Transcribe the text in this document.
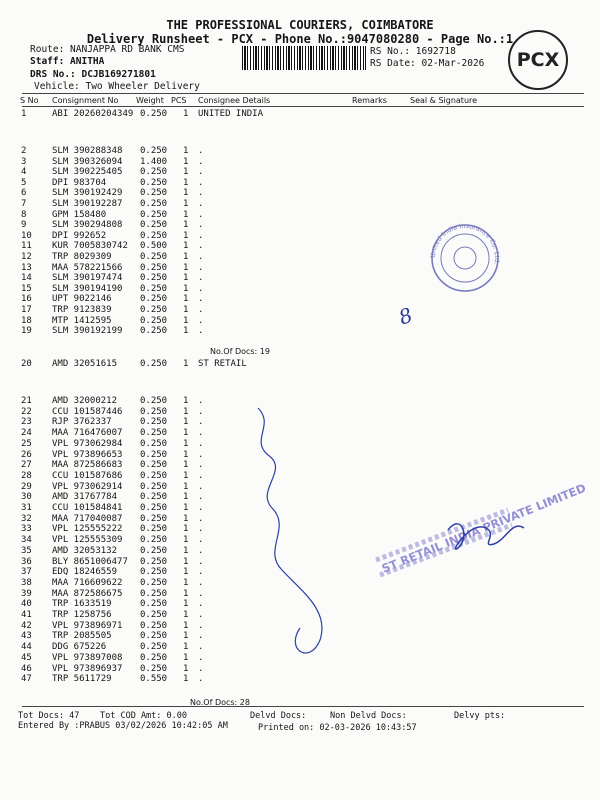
THE PROFESSIONAL COURIERS, COIMBATORE
Delivery Runsheet - PCX - Phone No.:9047080280 - Page No.:1
Route: NANJAPPA RD BANK CMS
Staff: ANITHA
DRS No.: DCJB169271801
Vehicle: Two Wheeler Delivery
RS No.: 1692718
RS Date: 02-Mar-2026	PCX
S No Consignment No Weight PCS Consignee Details	Remarks	Seal & Signature
1	ABI 20260204349 0.250 1 UNITED INDIA
2	SLM 390288348 0.250 1 .
3	SLM 390326094 1.400 1 .
4	SLM 390225405 0.250 1 .
5	DPI 983704	0.250 1 .
6	SLM 390192429 0.250 1 .
7	SLM 390192287 0.250 1 .
8	GPM 158480	0.250 1 .
9	SLM 390294808 0.250 1 .
10	DPI 992652	0.250 1 .
11	KUR 7005830742 0.500 1 .
12	TRP 8029309	0.250 1 .
13	MAA 578221566 0.250 1 .
14	SLM 390197474 0.250 1 .
15	SLM 390194190 0.250 1 .
16	UPT 9022146	0.250 1 .
17	TRP 9123839	0.250 1 .
18	MTP 1412595	0.250 1 .
19	SLM 390192199 0.250 1 .
20	AMD 32051615	0.250 1 ST RETAIL
21	AMD 32000212	0.250 1 .
22	CCU 101587446 0.250 1 .
23	RJP 3762337	0.250 1 .
24	MAA 716476007 0.250 1 .
25	VPL 973062984 0.250 1 .
26	VPL 973896653 0.250 1 .
27	MAA 872586683 0.250 1 .
28	CCU 101587686 0.250 1 .
29	VPL 973062914 0.250 1 .
30	AMD 31767784	0.250 1 .
31	CCU 101584841 0.250 1 .
32	MAA 717040087 0.250 1 .
33	VPL 125555222 0.250 1 .
34	VPL 125555309 0.250 1 .
35	AMD 32053132	0.250 1 .
36	BLY 8651006477 0.250 1 .
37	EDQ 18246559	0.250 1 .
38	MAA 716609622 0.250 1 .
39	MAA 872586675 0.250 1 .
40	TRP 1633519	0.250 1 .
41	TRP 1258756	0.250 1 .
42	VPL 973896971 0.250 1 .
43	TRP 2085505	0.250 1 .
44	DDG 675226	0.250 1 .
45	VPL 973897008 0.250 1 .
46	VPL 973896937 0.250 1 .
47	TRP 5611729	0.550 1 .
No.Of Docs: 19
No.Of Docs: 28
United India Insurance Co. Ltd.
8
ST RETAIL INDIA PRIVATE LIMITED
Tot Docs: 47 Tot COD Amt: 0.00	Delvd Docs:	Non Delvd Docs:	Delvy pts:
Entered By :PRABUS 03/02/2026 10:42:05 AM	Printed on: 02-03-2026 10:43:57
